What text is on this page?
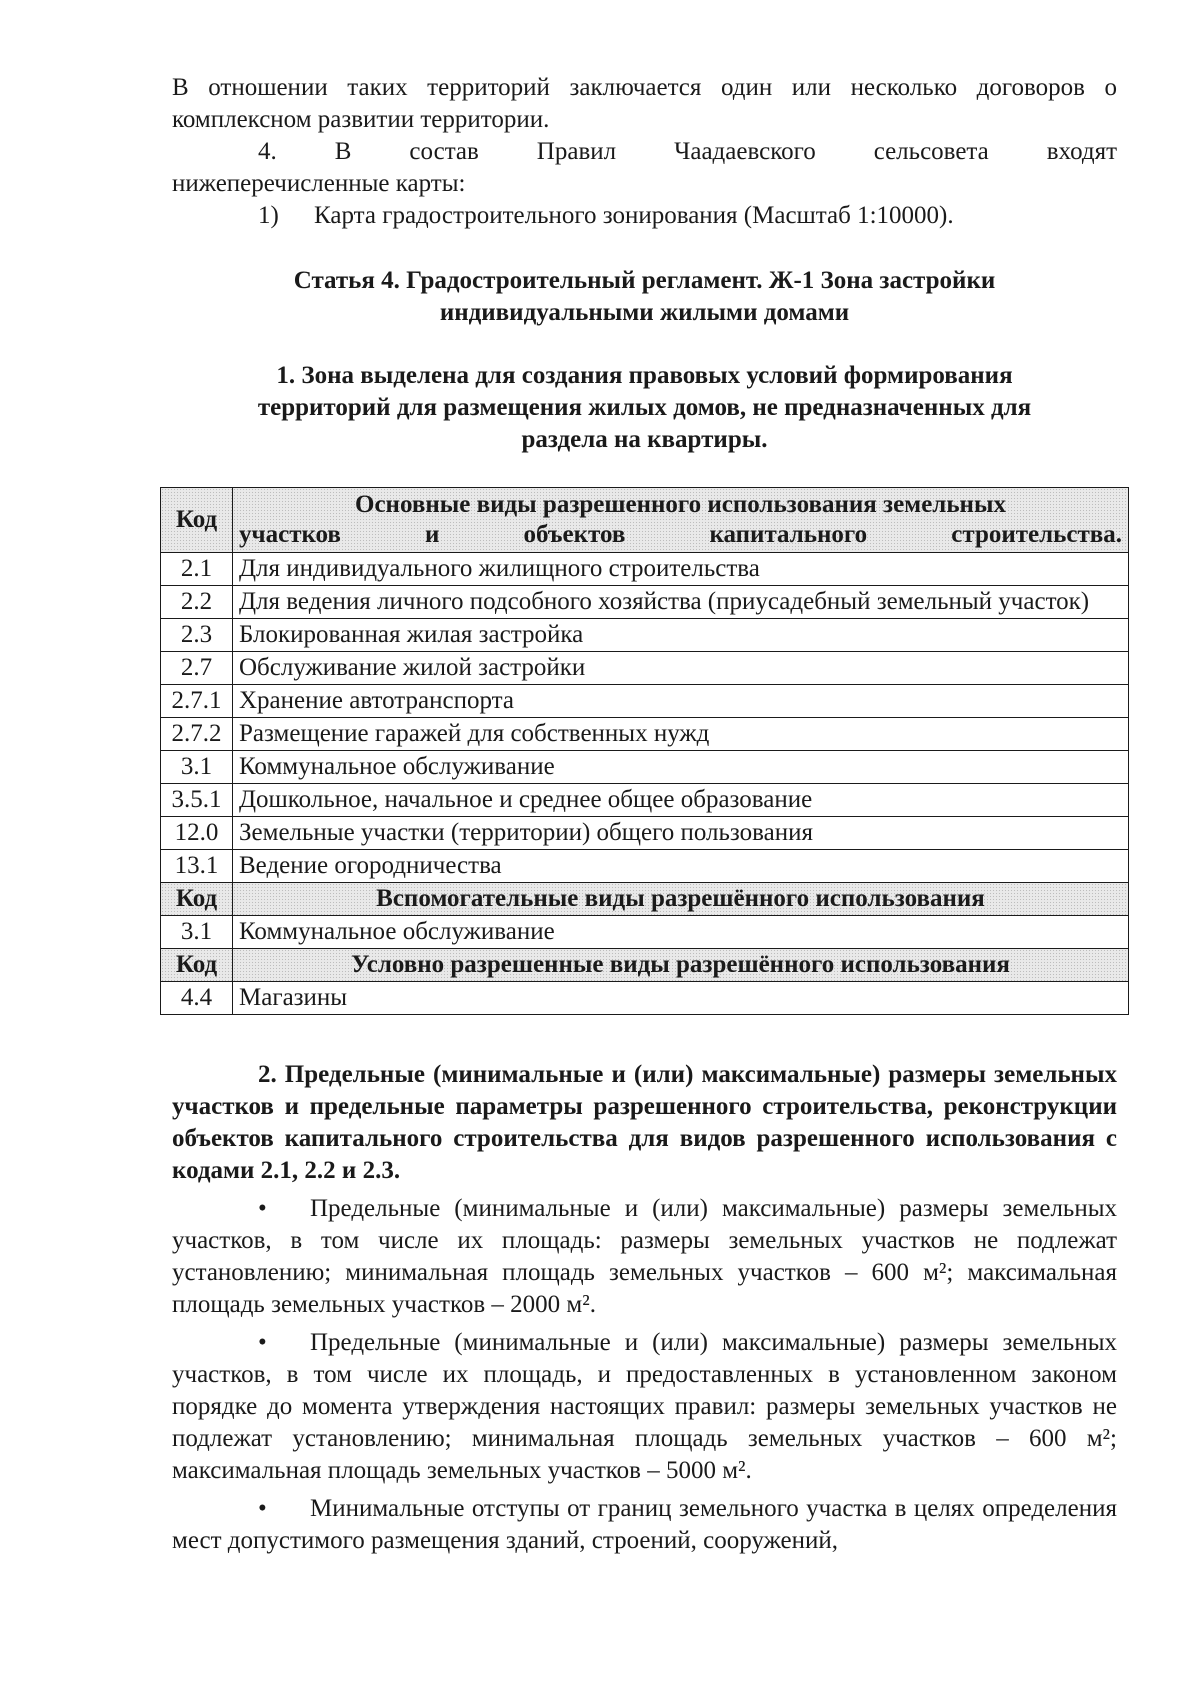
В отношении таких территорий заключается один или несколько договоров о комплексном развитии территории.

4. В состав Правил Чаадаевского сельсовета входят

нижеперечисленные карты:

1) Карта градостроительного зонирования (Масштаб 1:10000).

Статья 4. Градостроительный регламент. Ж-1 Зона застройки
индивидуальными жилыми домами
1. Зона выделена для создания правовых условий формирования
территорий для размещения жилых домов, не предназначенных для
раздела на квартиры.
Код	Основные виды разрешенного использования земельных
участков и объектов капитального строительства.

2.1	Для индивидуального жилищного строительства
2.2	Для ведения личного подсобного хозяйства (приусадебный земельный участок)
2.3	Блокированная жилая застройка
2.7	Обслуживание жилой застройки
2.7.1	Хранение автотранспорта
2.7.2	Размещение гаражей для собственных нужд
3.1	Коммунальное обслуживание
3.5.1	Дошкольное, начальное и среднее общее образование
12.0	Земельные участки (территории) общего пользования
13.1	Ведение огородничества
Код	Вспомогательные виды разрешённого использования
3.1	Коммунальное обслуживание
Код	Условно разрешенные виды разрешённого использования
4.4	Магазины

2. Предельные (минимальные и (или) максимальные) размеры земельных участков и предельные параметры разрешенного строительства, реконструкции объектов капитального строительства для видов разрешенного использования с кодами 2.1, 2.2 и 2.3.

• Предельные (минимальные и (или) максимальные) размеры земельных участков, в том числе их площадь: размеры земельных участков не подлежат установлению; минимальная площадь земельных участков – 600 м²; максимальная площадь земельных участков – 2000 м².

• Предельные (минимальные и (или) максимальные) размеры земельных участков, в том числе их площадь, и предоставленных в установленном законом порядке до момента утверждения настоящих правил: размеры земельных участков не подлежат установлению; минимальная площадь земельных участков – 600 м²; максимальная площадь земельных участков – 5000 м².

• Минимальные отступы от границ земельного участка в целях определения мест допустимого размещения зданий, строений, сооружений,
